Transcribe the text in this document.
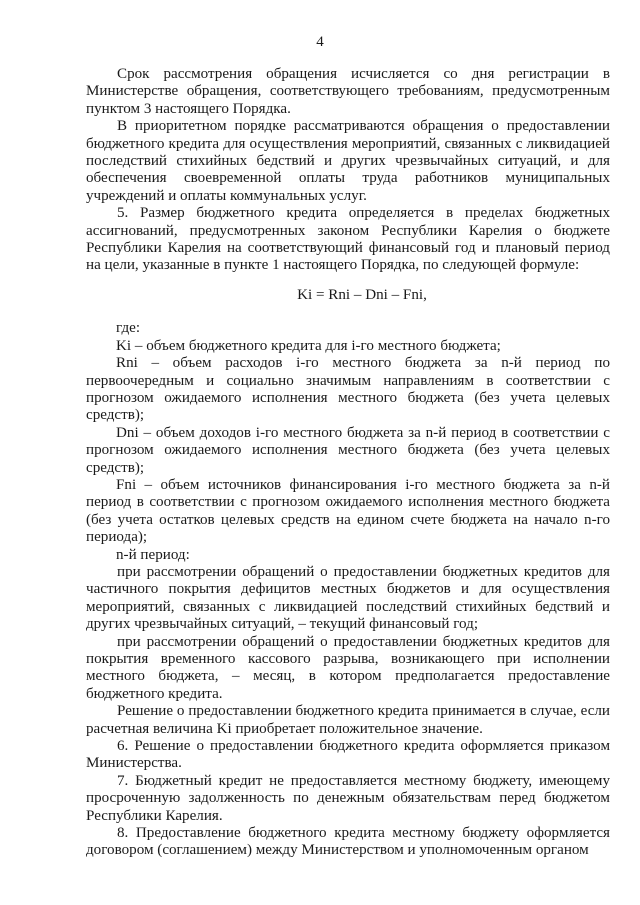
4

Срок рассмотрения обращения исчисляется со дня регистрации в Министерстве обращения, соответствующего требованиям, предусмотренным пунктом 3 настоящего Порядка.

В приоритетном порядке рассматриваются обращения о предоставлении бюджетного кредита для осуществления мероприятий, связанных с ликвидацией последствий стихийных бедствий и других чрезвычайных ситуаций, и для обеспечения своевременной оплаты труда работников муниципальных учреждений и оплаты коммунальных услуг.

5. Размер бюджетного кредита определяется в пределах бюджетных ассигнований, предусмотренных законом Республики Карелия о бюджете Республики Карелия на соответствующий финансовый год и плановый период на цели, указанные в пункте 1 настоящего Порядка, по следующей формуле:

Ki = Rni – Dni – Fni,

где:

Ki – объем бюджетного кредита для i-го местного бюджета;

Rni – объем расходов i-го местного бюджета за n-й период по первоочередным и социально значимым направлениям в соответствии с прогнозом ожидаемого исполнения местного бюджета (без учета целевых средств);

Dni – объем доходов i-го местного бюджета за n-й период в соответствии с прогнозом ожидаемого исполнения местного бюджета (без учета целевых средств);

Fni – объем источников финансирования i-го местного бюджета за n-й период в соответствии с прогнозом ожидаемого исполнения местного бюджета (без учета остатков целевых средств на едином счете бюджета на начало n-го периода);

n-й период:

при рассмотрении обращений о предоставлении бюджетных кредитов для частичного покрытия дефицитов местных бюджетов и для осуществления мероприятий, связанных с ликвидацией последствий стихийных бедствий и других чрезвычайных ситуаций, – текущий финансовый год;

при рассмотрении обращений о предоставлении бюджетных кредитов для покрытия временного кассового разрыва, возникающего при исполнении местного бюджета, – месяц, в котором предполагается предоставление бюджетного кредита.

Решение о предоставлении бюджетного кредита принимается в случае, если расчетная величина Ki приобретает положительное значение.

6. Решение о предоставлении бюджетного кредита оформляется приказом Министерства.

7. Бюджетный кредит не предоставляется местному бюджету, имеющему просроченную задолженность по денежным обязательствам перед бюджетом Республики Карелия.

8. Предоставление бюджетного кредита местному бюджету оформляется договором (соглашением) между Министерством и уполномоченным органом
